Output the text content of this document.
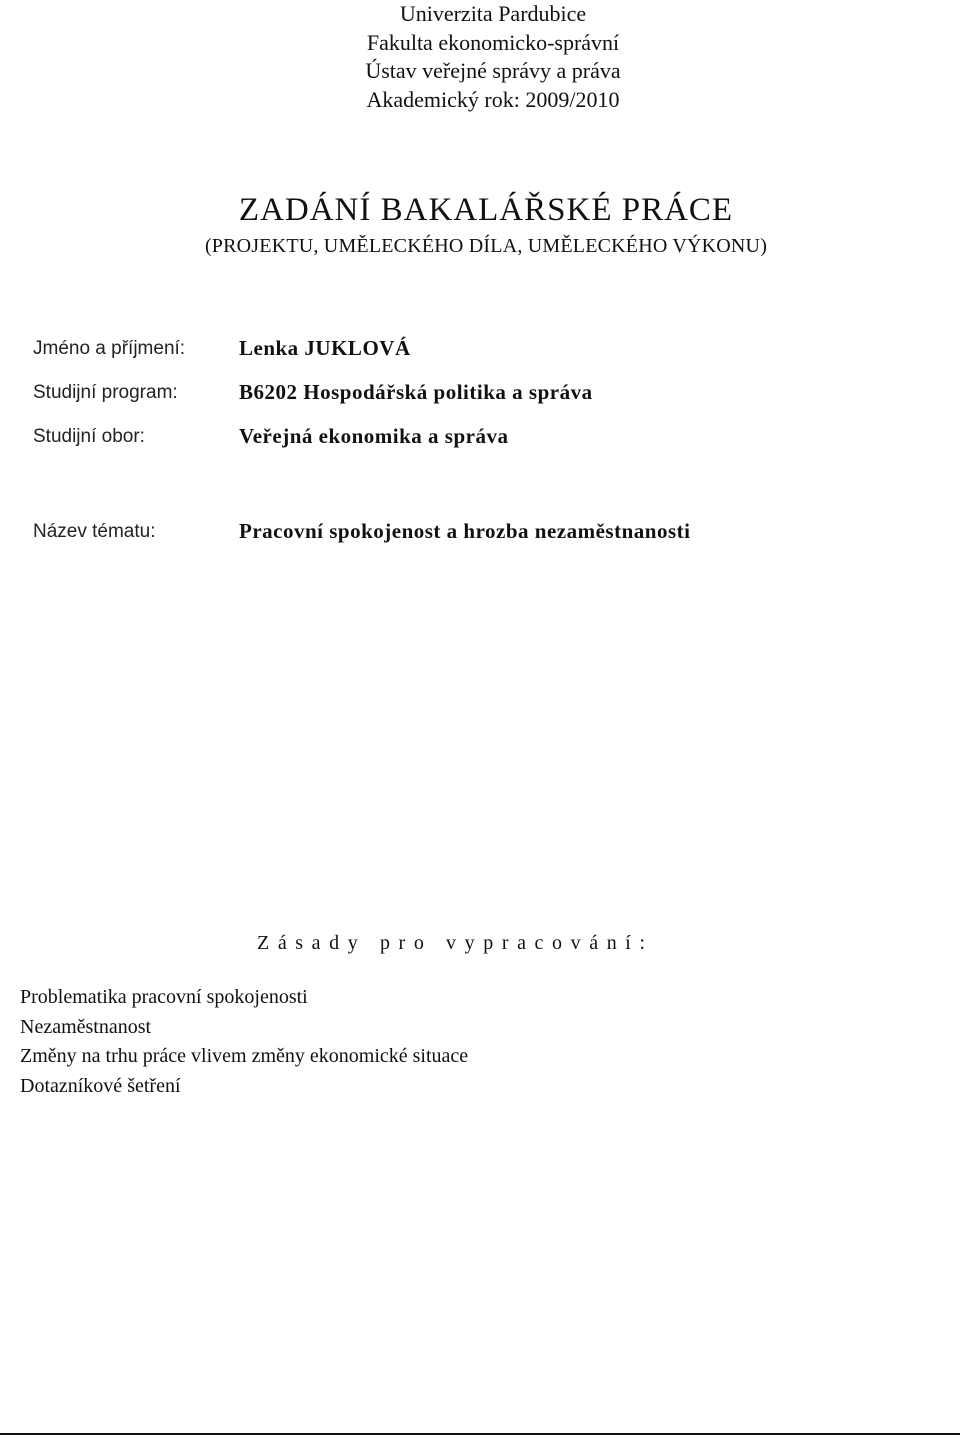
Univerzita Pardubice
Fakulta ekonomicko-správní
Ústav veřejné správy a práva
Akademický rok: 2009/2010
ZADÁNÍ BAKALÁŘSKÉ PRÁCE
(PROJEKTU, UMĚLECKÉHO DÍLA, UMĚLECKÉHO VÝKONU)
Jméno a příjmení:	Lenka JUKLOVÁ
Studijní program:	B6202 Hospodářská politika a správa
Studijní obor:	Veřejná ekonomika a správa
Název tématu:	Pracovní spokojenost a hrozba nezaměstnanosti
Zásady pro vypracování:
Problematika pracovní spokojenosti
Nezaměstnanost
Změny na trhu práce vlivem změny ekonomické situace
Dotazníkové šetření
